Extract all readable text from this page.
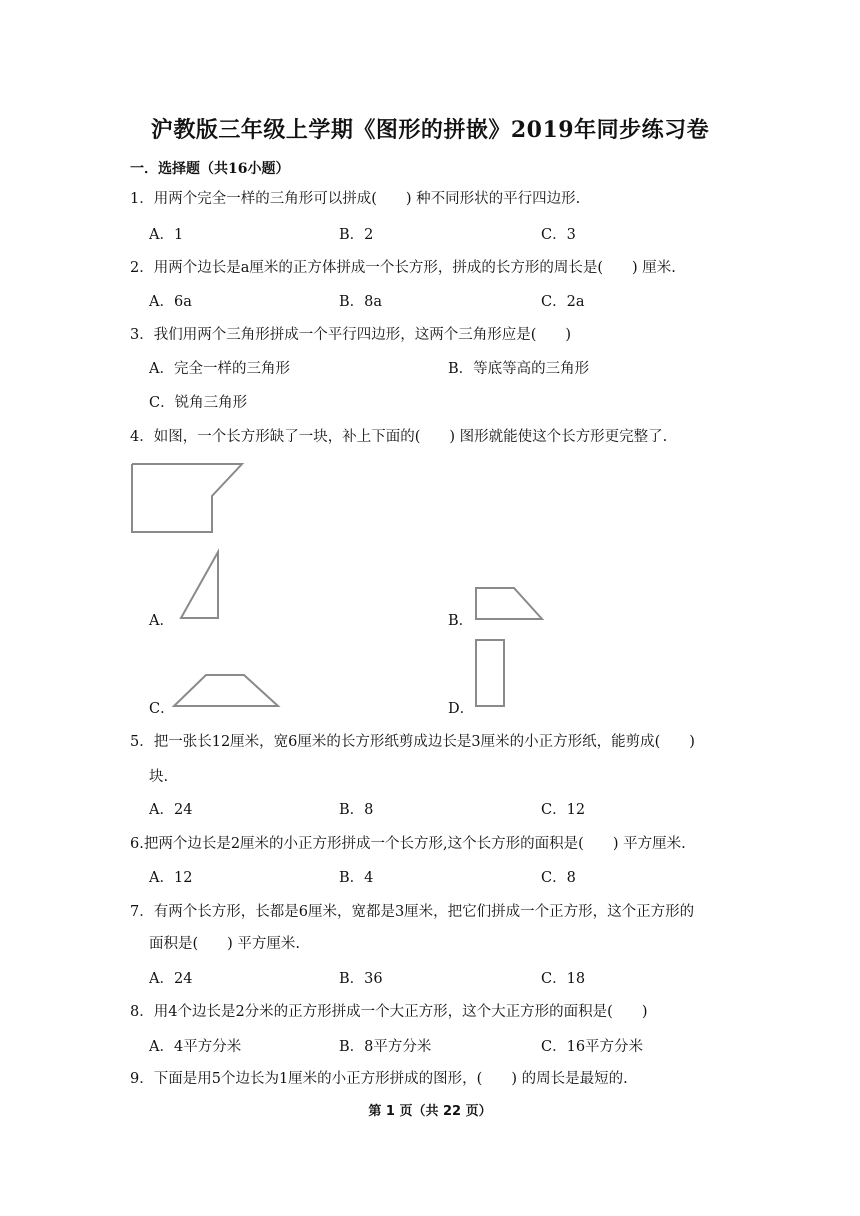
沪教版三年级上学期《图形的拼嵌》2019年同步练习卷
一．选择题（共16小题）
1．用两个完全一样的三角形可以拼成(　　) 种不同形状的平行四边形.
A．1	B．2	C．3
2．用两个边长是a厘米的正方体拼成一个长方形，拼成的长方形的周长是(　　) 厘米.
A．6a	B．8a	C．2a
3．我们用两个三角形拼成一个平行四边形，这两个三角形应是(　　)
A．完全一样的三角形	B．等底等高的三角形
C．锐角三角形
4．如图，一个长方形缺了一块，补上下面的(　　) 图形就能使这个长方形更完整了.
A．	B．
C．	D．
5．把一张长12厘米，宽6厘米的长方形纸剪成边长是3厘米的小正方形纸，能剪成(　　)
块.
A．24	B．8	C．12
6.把两个边长是2厘米的小正方形拼成一个长方形,这个长方形的面积是(　　) 平方厘米.
A．12	B．4	C．8
7．有两个长方形，长都是6厘米，宽都是3厘米，把它们拼成一个正方形，这个正方形的
面积是(　　) 平方厘米.
A．24	B．36	C．18
8．用4个边长是2分米的正方形拼成一个大正方形，这个大正方形的面积是(　　)
A．4平方分米	B．8平方分米	C．16平方分米
9．下面是用5个边长为1厘米的小正方形拼成的图形，(　　) 的周长是最短的.
第 1 页（共 22 页）
